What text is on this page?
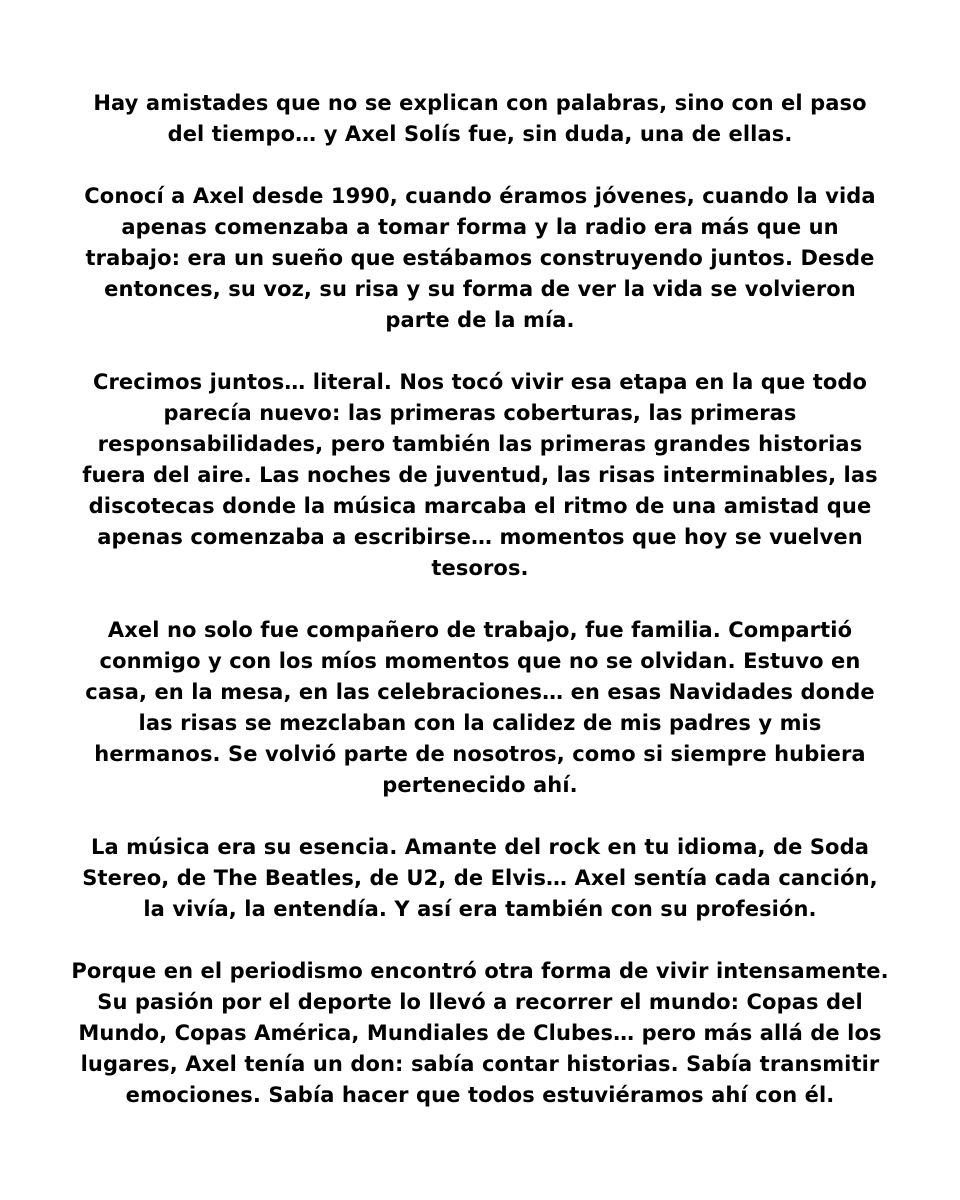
Hay amistades que no se explican con palabras, sino con el paso
del tiempo… y Axel Solís fue, sin duda, una de ellas.

Conocí a Axel desde 1990, cuando éramos jóvenes, cuando la vida
apenas comenzaba a tomar forma y la radio era más que un
trabajo: era un sueño que estábamos construyendo juntos. Desde
entonces, su voz, su risa y su forma de ver la vida se volvieron
parte de la mía.

Crecimos juntos… literal. Nos tocó vivir esa etapa en la que todo
parecía nuevo: las primeras coberturas, las primeras
responsabilidades, pero también las primeras grandes historias
fuera del aire. Las noches de juventud, las risas interminables, las
discotecas donde la música marcaba el ritmo de una amistad que
apenas comenzaba a escribirse… momentos que hoy se vuelven
tesoros.

Axel no solo fue compañero de trabajo, fue familia. Compartió
conmigo y con los míos momentos que no se olvidan. Estuvo en
casa, en la mesa, en las celebraciones… en esas Navidades donde
las risas se mezclaban con la calidez de mis padres y mis
hermanos. Se volvió parte de nosotros, como si siempre hubiera
pertenecido ahí.

La música era su esencia. Amante del rock en tu idioma, de Soda
Stereo, de The Beatles, de U2, de Elvis… Axel sentía cada canción,
la vivía, la entendía. Y así era también con su profesión.

Porque en el periodismo encontró otra forma de vivir intensamente.
Su pasión por el deporte lo llevó a recorrer el mundo: Copas del
Mundo, Copas América, Mundiales de Clubes… pero más allá de los
lugares, Axel tenía un don: sabía contar historias. Sabía transmitir
emociones. Sabía hacer que todos estuviéramos ahí con él.
